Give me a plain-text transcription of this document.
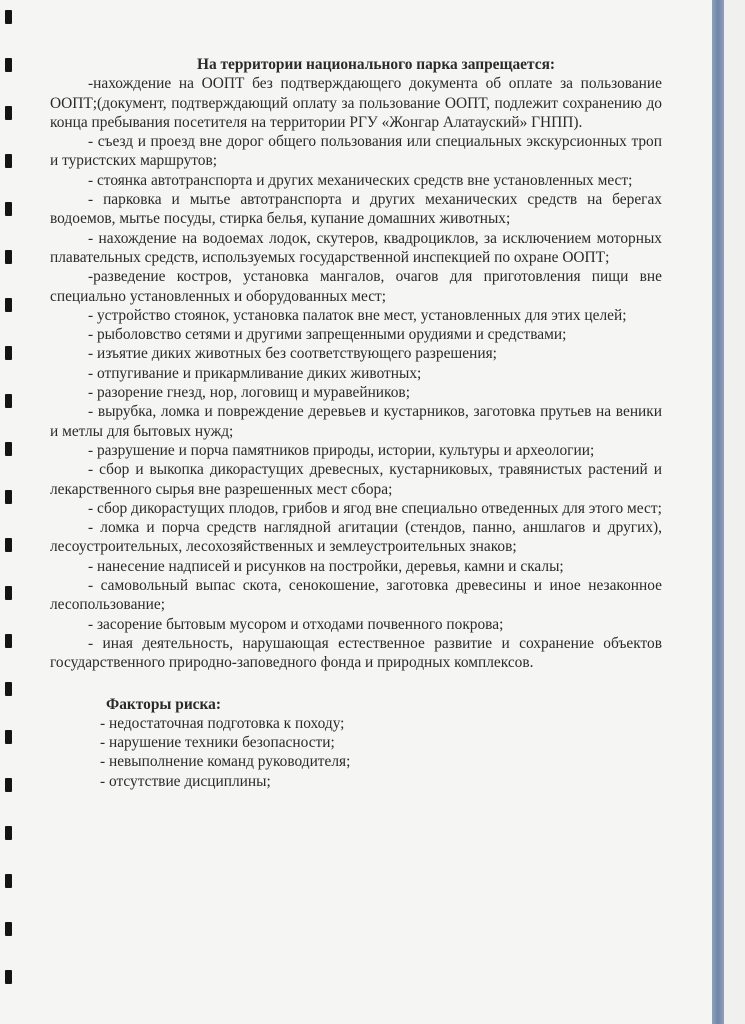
На территории национального парка запрещается:

-нахождение на ООПТ без подтверждающего документа об оплате за пользование ООПТ;(документ, подтверждающий оплату за пользование ООПТ, подлежит сохранению до конца пребывания посетителя на территории РГУ «Жонгар Алатауский» ГНПП).

- съезд и проезд вне дорог общего пользования или специальных экскурсионных троп и туристских маршрутов;

- стоянка автотранспорта и других механических средств вне установленных мест;

- парковка и мытье автотранспорта и других механических средств на берегах водоемов, мытье посуды, стирка белья, купание домашних животных;

- нахождение на водоемах лодок, скутеров, квадроциклов, за исключением моторных плавательных средств, используемых государственной инспекцией по охране ООПТ;

-разведение костров, установка мангалов, очагов для приготовления пищи вне специально установленных и оборудованных мест;

- устройство стоянок, установка палаток вне мест, установленных для этих целей;

- рыболовство сетями и другими запрещенными орудиями и средствами;

- изъятие диких животных без соответствующего разрешения;

- отпугивание и прикармливание диких животных;

- разорение гнезд, нор, логовищ и муравейников;

- вырубка, ломка и повреждение деревьев и кустарников, заготовка прутьев на веники и метлы для бытовых нужд;

- разрушение и порча памятников природы, истории, культуры и археологии;

- сбор и выкопка дикорастущих древесных, кустарниковых, травянистых растений и лекарственного сырья вне разрешенных мест сбора;

- сбор дикорастущих плодов, грибов и ягод вне специально отведенных для этого мест;

- ломка и порча средств наглядной агитации (стендов, панно, аншлагов и других), лесоустроительных, лесохозяйственных и землеустроительных знаков;

- нанесение надписей и рисунков на постройки, деревья, камни и скалы;

- самовольный выпас скота, сенокошение, заготовка древесины и иное незаконное лесопользование;

- засорение бытовым мусором и отходами почвенного покрова;

- иная деятельность, нарушающая естественное развитие и сохранение объектов государственного природно-заповедного фонда и природных комплексов.

Факторы риска:

- недостаточная подготовка к походу;

- нарушение техники безопасности;

- невыполнение команд руководителя;

- отсутствие дисциплины;
